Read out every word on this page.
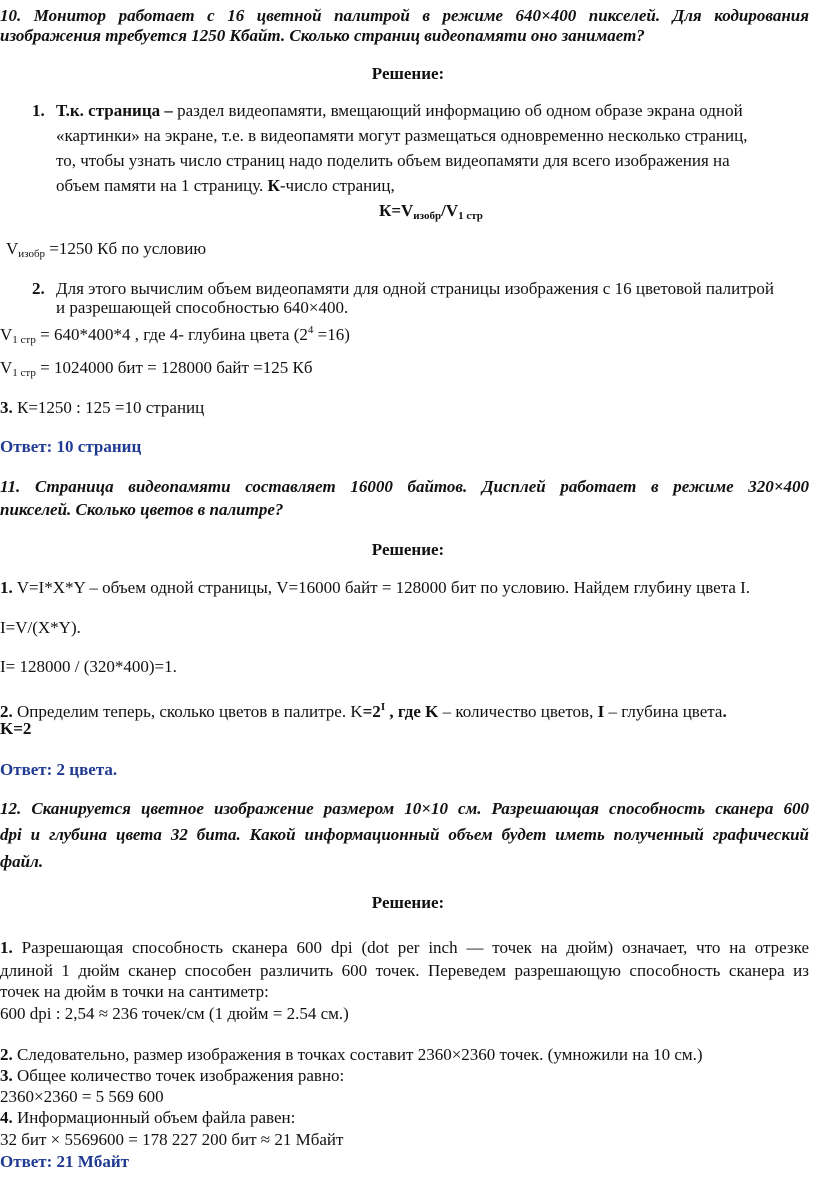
10. Монитор работает с 16 цветной палитрой в режиме 640×400 пикселей. Для кодирования
изображения требуется 1250 Кбайт. Сколько страниц видеопамяти оно занимает?
Решение:
1. Т.к. страница – раздел видеопамяти, вмещающий информацию об одном образе экрана одной
«картинки» на экране, т.е. в видеопамяти могут размещаться одновременно несколько страниц,
то, чтобы узнать число страниц надо поделить объем видеопамяти для всего изображения на
объем памяти на 1 страницу. К-число страниц,
$К=V_{изобр}/V_{1 стр}$
$V_{изобр} =1250$ Кб по условию
2. Для этого вычислим объем видеопамяти для одной страницы изображения с 16 цветовой палитрой
и разрешающей способностью 640×400.
$V_{1 стр} = 640*400*4$ , где 4- глубина цвета $(2^4 =16)$
$V_{1 стр} = 1024000$ бит = 128000 байт =125 Кб
3. К=1250 : 125 =10 страниц
Ответ: 10 страниц
11. Страница видеопамяти составляет 16000 байтов. Дисплей работает в режиме 320×400
пикселей. Сколько цветов в палитре?
Решение:
1. V=I*X*Y – объем одной страницы, V=16000 байт = 128000 бит по условию. Найдем глубину цвета I.
I=V/(X*Y).
I= 128000 / (320*400)=1.
2. Определим теперь, сколько цветов в палитре. $K=2^I$ , где K – количество цветов, I – глубина цвета.
K=2
Ответ: 2 цвета.
12. Сканируется цветное изображение размером 10×10 см. Разрешающая способность сканера 600
dpi и глубина цвета 32 бита. Какой информационный объем будет иметь полученный графический
файл.
Решение:
1. Разрешающая способность сканера 600 dpi (dot per inch — точек на дюйм) означает, что на отрезке
длиной 1 дюйм сканер способен различить 600 точек. Переведем разрешающую способность сканера из
точек на дюйм в точки на сантиметр:
600 dpi : 2,54 ≈ 236 точек/см (1 дюйм = 2.54 см.)
2. Следовательно, размер изображения в точках составит 2360×2360 точек. (умножили на 10 см.)
3. Общее количество точек изображения равно:
2360×2360 = 5 569 600
4. Информационный объем файла равен:
32 бит × 5569600 = 178 227 200 бит ≈ 21 Мбайт
Ответ: 21 Мбайт
